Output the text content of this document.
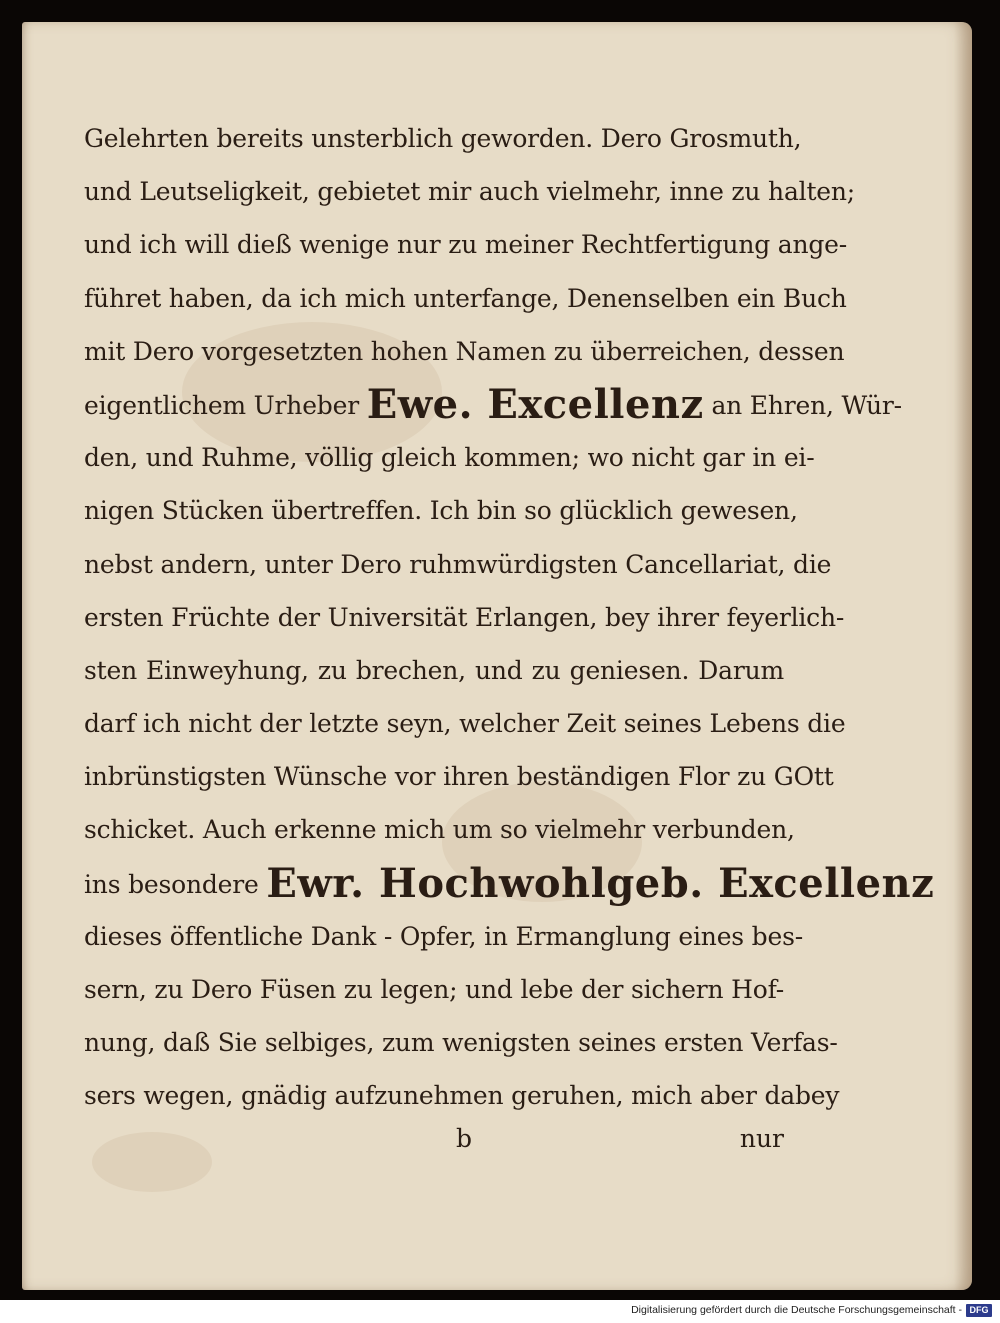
Gelehrten bereits unsterblich geworden. Dero Grosmuth,
und Leutseligkeit, gebietet mir auch vielmehr, inne zu halten;
und ich will dieß wenige nur zu meiner Rechtfertigung ange-
führet haben, da ich mich unterfange, Denenselben ein Buch
mit Dero vorgesetzten hohen Namen zu überreichen, dessen
eigentlichem Urheber Ewe. Excellenz an Ehren, Wür-
den, und Ruhme, völlig gleich kommen; wo nicht gar in ei-
nigen Stücken übertreffen. Ich bin so glücklich gewesen,
nebst andern, unter Dero ruhmwürdigsten Cancellariat, die
ersten Früchte der Universität Erlangen, bey ihrer feyerlich-
sten Einweyhung, zu brechen, und zu geniesen. Darum
darf ich nicht der letzte seyn, welcher Zeit seines Lebens die
inbrünstigsten Wünsche vor ihren beständigen Flor zu GOtt
schicket. Auch erkenne mich um so vielmehr verbunden,
ins besondere Ewr. Hochwohlgeb. Excellenz
dieses öffentliche Dank - Opfer, in Ermanglung eines bes-
sern, zu Dero Füsen zu legen; und lebe der sichern Hof-
nung, daß Sie selbiges, zum wenigsten seines ersten Verfas-
sers wegen, gnädig aufzunehmen geruhen, mich aber dabey
b	nur
Digitalisierung gefördert durch die Deutsche Forschungsgemeinschaft - DFG
